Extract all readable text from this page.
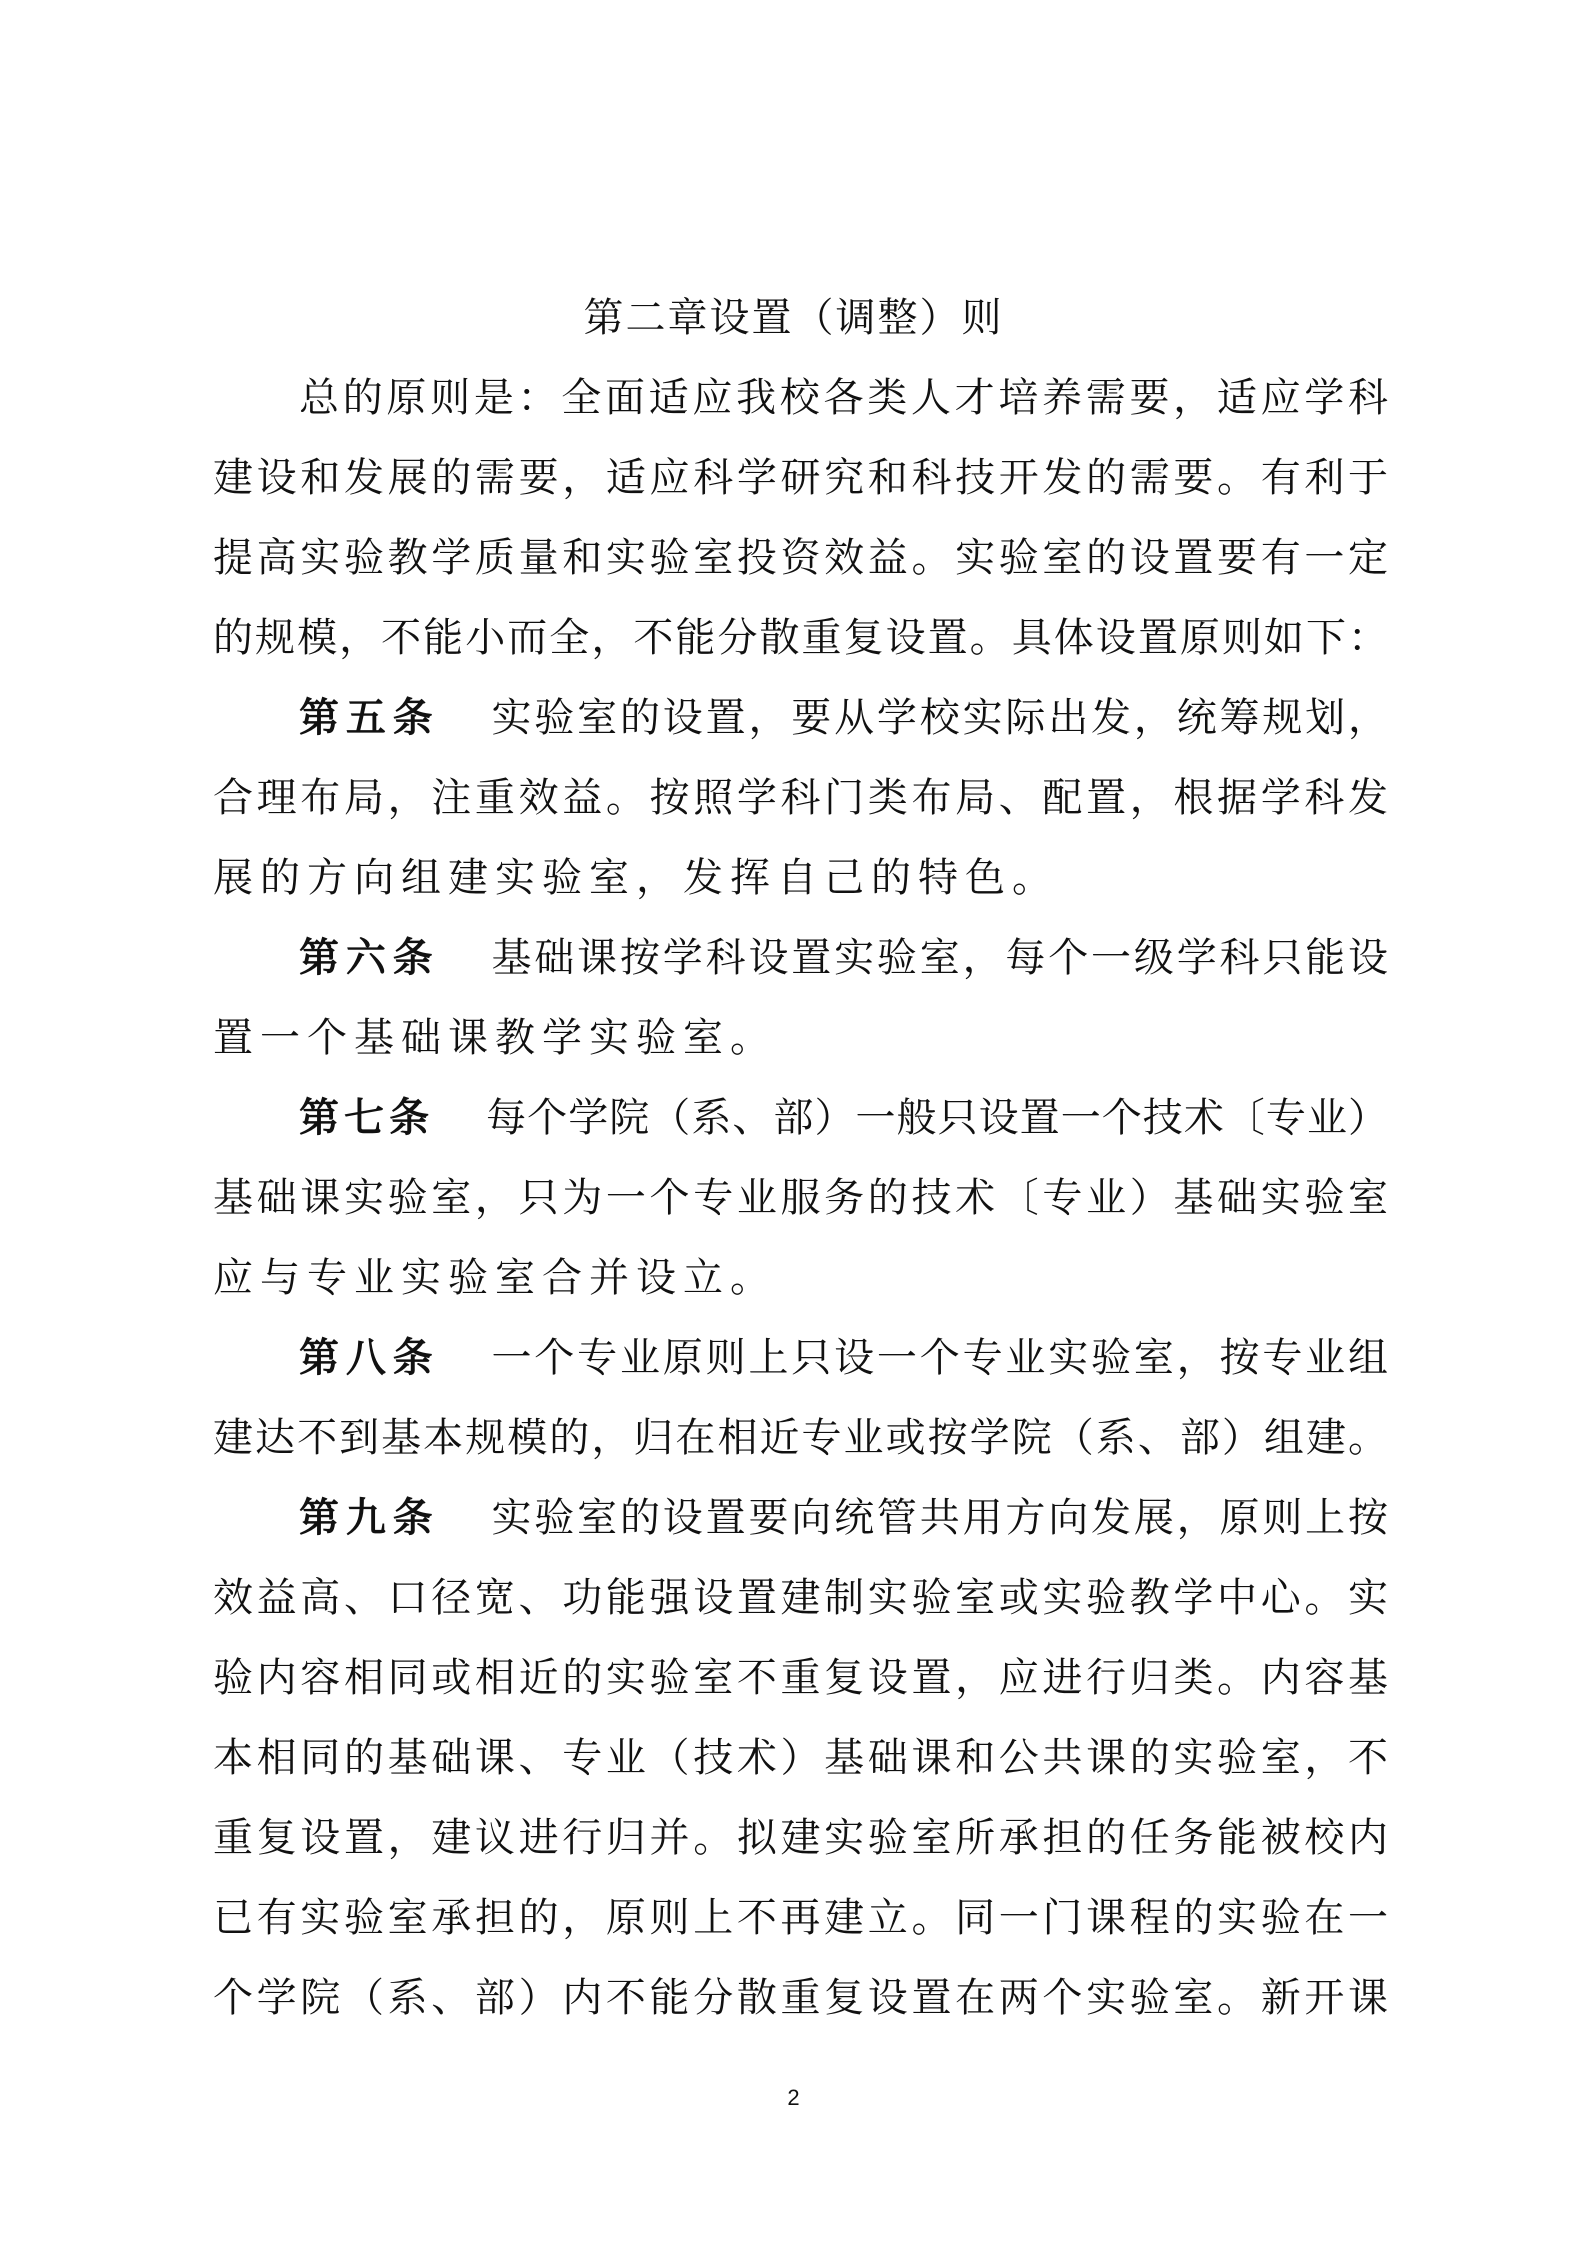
第二章设置（调整）则
总的原则是：全面适应我校各类人才培养需要，适应学科
建设和发展的需要，适应科学研究和科技开发的需要。有利于
提高实验教学质量和实验室投资效益。实验室的设置要有一定
的规模，不能小而全，不能分散重复设置。具体设置原则如下：
第五条 实验室的设置，要从学校实际出发，统筹规划，
合理布局，注重效益。按照学科门类布局、配置，根据学科发
展的方向组建实验室，发挥自己的特色。
第六条 基础课按学科设置实验室，每个一级学科只能设
置一个基础课教学实验室。
第七条 每个学院（系、部）一般只设置一个技术〔专业）
基础课实验室，只为一个专业服务的技术〔专业）基础实验室
应与专业实验室合并设立。
第八条 一个专业原则上只设一个专业实验室，按专业组
建达不到基本规模的，归在相近专业或按学院（系、部）组建。
第九条 实验室的设置要向统管共用方向发展，原则上按
效益高、口径宽、功能强设置建制实验室或实验教学中心。实
验内容相同或相近的实验室不重复设置，应进行归类。内容基
本相同的基础课、专业（技术）基础课和公共课的实验室，不
重复设置，建议进行归并。拟建实验室所承担的任务能被校内
已有实验室承担的，原则上不再建立。同一门课程的实验在一
个学院（系、部）内不能分散重复设置在两个实验室。新开课
2
